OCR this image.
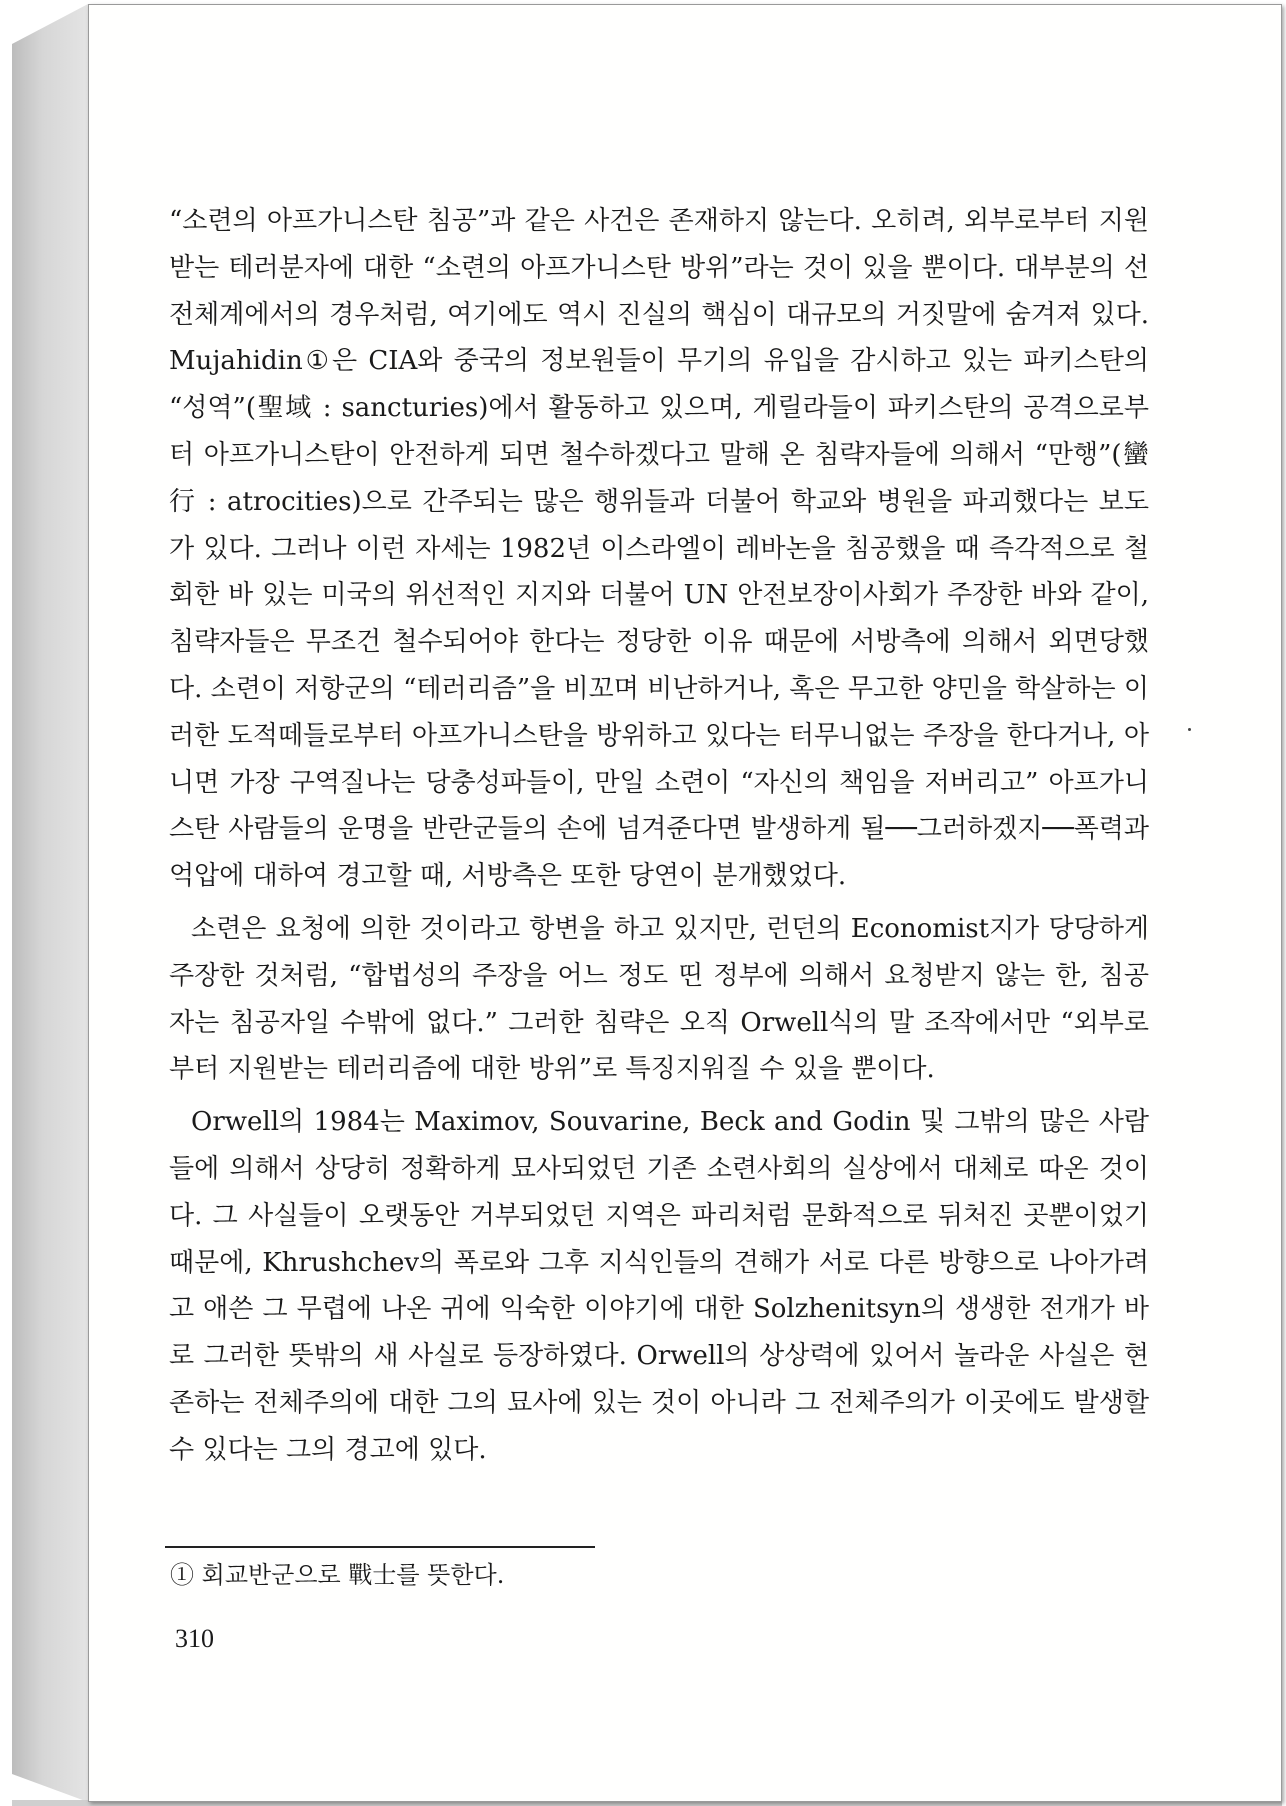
“소련의 아프가니스탄 침공”과 같은 사건은 존재하지 않는다. 오히려, 외부로부터 지원받는 테러분자에 대한 “소련의 아프가니스탄 방위”라는 것이 있을 뿐이다. 대부분의 선전체계에서의 경우처럼, 여기에도 역시 진실의 핵심이 대규모의 거짓말에 숨겨져 있다. Mujahidin①은 CIA와 중국의 정보원들이 무기의 유입을 감시하고 있는 파키스탄의 “성역”(聖域 : sancturies)에서 활동하고 있으며, 게릴라들이 파키스탄의 공격으로부터 아프가니스탄이 안전하게 되면 철수하겠다고 말해 온 침략자들에 의해서 “만행”(蠻行 : atrocities)으로 간주되는 많은 행위들과 더불어 학교와 병원을 파괴했다는 보도가 있다. 그러나 이런 자세는 1982년 이스라엘이 레바논을 침공했을 때 즉각적으로 철회한 바 있는 미국의 위선적인 지지와 더불어 UN 안전보장이사회가 주장한 바와 같이, 침략자들은 무조건 철수되어야 한다는 정당한 이유 때문에 서방측에 의해서 외면당했다. 소련이 저항군의 “테러리즘”을 비꼬며 비난하거나, 혹은 무고한 양민을 학살하는 이러한 도적떼들로부터 아프가니스탄을 방위하고 있다는 터무니없는 주장을 한다거나, 아니면 가장 구역질나는 당충성파들이, 만일 소련이 “자신의 책임을 저버리고” 아프가니스탄 사람들의 운명을 반란군들의 손에 넘겨준다면 발생하게 될──그러하겠지──폭력과 억압에 대하여 경고할 때, 서방측은 또한 당연이 분개했었다.

소련은 요청에 의한 것이라고 항변을 하고 있지만, 런던의 Economist지가 당당하게 주장한 것처럼, “합법성의 주장을 어느 정도 띤 정부에 의해서 요청받지 않는 한, 침공자는 침공자일 수밖에 없다.” 그러한 침략은 오직 Orwell식의 말 조작에서만 “외부로부터 지원받는 테러리즘에 대한 방위”로 특징지워질 수 있을 뿐이다.

Orwell의 1984는 Maximov, Souvarine, Beck and Godin 및 그밖의 많은 사람들에 의해서 상당히 정확하게 묘사되었던 기존 소련사회의 실상에서 대체로 따온 것이다. 그 사실들이 오랫동안 거부되었던 지역은 파리처럼 문화적으로 뒤처진 곳뿐이었기 때문에, Khrushchev의 폭로와 그후 지식인들의 견해가 서로 다른 방향으로 나아가려고 애쓴 그 무렵에 나온 귀에 익숙한 이야기에 대한 Solzhenitsyn의 생생한 전개가 바로 그러한 뜻밖의 새 사실로 등장하였다. Orwell의 상상력에 있어서 놀라운 사실은 현존하는 전체주의에 대한 그의 묘사에 있는 것이 아니라 그 전체주의가 이곳에도 발생할 수 있다는 그의 경고에 있다.

① 회교반군으로 戰士를 뜻한다.
310
